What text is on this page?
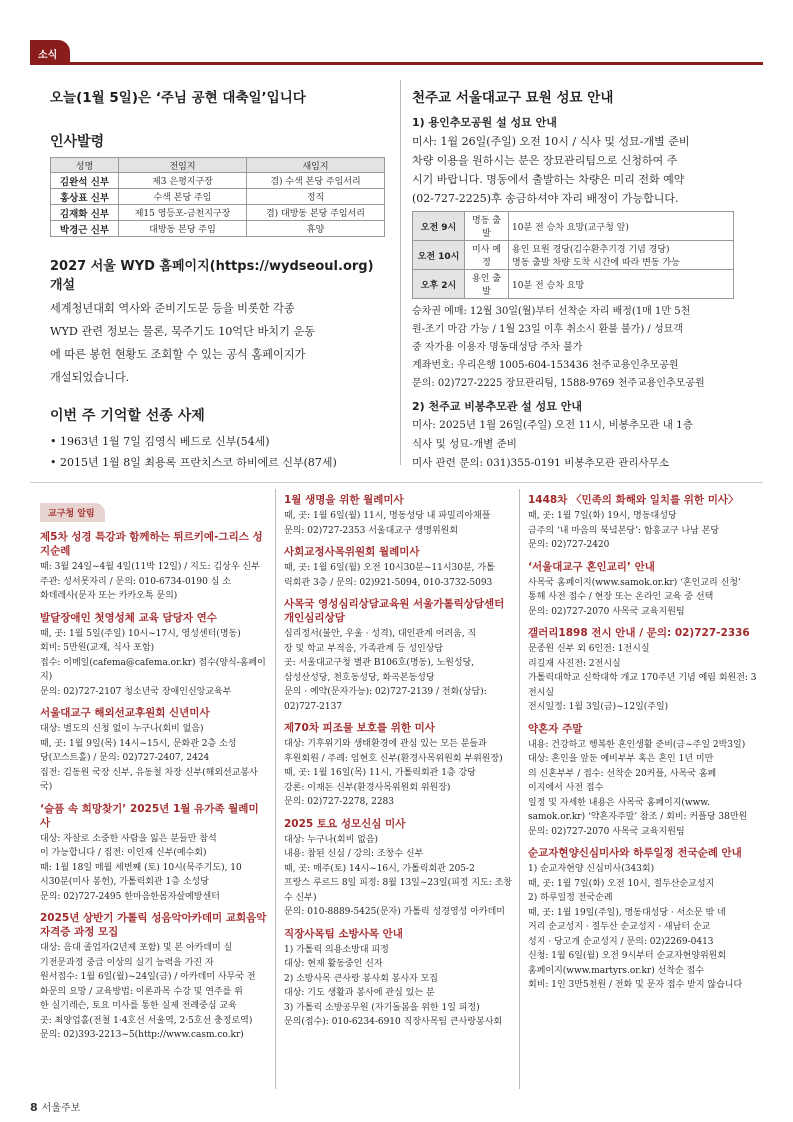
소식
오늘(1월 5일)은 ‘주님 공현 대축일’입니다
인사발령
성명	전임지	새임지
김완석 신부	제3 은평지구장	겸) 수색 본당 주임서리
홍상표 신부	수색 본당 주임	정직
김재화 신부	제15 영등포-금천지구장	겸) 대방동 본당 주임서리
박경근 신부	대방동 본당 주임	휴양
2027 서울 WYD 홈페이지(https://wydseoul.org) 개설
세계청년대회 역사와 준비기도문 등을 비롯한 각종
WYD 관련 정보는 물론, 묵주기도 10억단 바치기 운동
에 따른 봉헌 현황도 조회할 수 있는 공식 홈페이지가
개설되었습니다.
이번 주 기억할 선종 사제
• 1963년 1월 7일 김영식 베드로 신부(54세)
• 2015년 1월 8일 최용록 프란치스코 하비에르 신부(87세)
천주교 서울대교구 묘원 성묘 안내
1) 용인추모공원 설 성묘 안내
미사: 1월 26일(주일) 오전 10시 / 식사 및 성묘-개별 준비
차량 이용을 원하시는 분은 장묘관리팀으로 신청하여 주
시기 바랍니다. 명동에서 출발하는 차량은 미리 전화 예약
(02-727-2225)후 송금하셔야 자리 배정이 가능합니다.
오전 9시	명동 출발	10분 전 승차 요망(교구청 앞)
오전 10시	미사 예정	용인 묘원 경당(김수환추기경 기념 경당)
명동 출발 차량 도착 시간에 따라 변동 가능

오후 2시	용인 출발	10분 전 승차 요망
승차권 예매: 12월 30일(월)부터 선착순 자리 배정(1매 1만 5천
원-조기 마감 가능 / 1월 23일 이후 취소시 환불 불가) / 성묘객
중 자가용 이용자 명동대성당 주차 불가
계좌번호: 우리은행 1005-604-153436 천주교용인추모공원
문의: 02)727-2225 장묘관리팀, 1588-9769 천주교용인추모공원
2) 천주교 비봉추모관 설 성묘 안내
미사: 2025년 1월 26일(주일) 오전 11시, 비봉추모관 내 1층
식사 및 성묘-개별 준비
미사 관련 문의: 031)355-0191 비봉추모관 관리사무소
교구청 알림
제5차 성경 특강과 함께하는 튀르키예-그리스 성지순례
때: 3월 24일~4월 4일(11박 12일) / 지도: 김상우 신부
주관: 성서못자리 / 문의: 010-6734-0190 심 소
화데레사(문자 또는 카카오톡 문의)
발달장애인 첫영성체 교육 담당자 연수
때, 곳: 1월 5일(주일) 10시~17시, 영성센터(명동)
회비: 5만원(교재, 식사 포함)
접수: 이메일(cafema@cafema.or.kr) 접수(양식-홈페이지)
문의: 02)727-2107 청소년국 장애인신앙교육부
서울대교구 해외선교후원회 신년미사
대상: 별도의 신청 없이 누구나(회비 없음)
때, 곳: 1월 9일(목) 14시~15시, 문화관 2층 소성
당(꼬스트홀) / 문의: 02)727-2407, 2424
집전: 김동원 국장 신부, 유동철 차장 신부(해외선교봉사국)
‘슬픔 속 희망찾기’ 2025년 1월 유가족 월례미사
대상: 자살로 소중한 사람을 잃은 분들만 참석
이 가능합니다 / 집전: 이인재 신부(예수회)
때: 1월 18일 매월 세번째 (토) 10시(묵주기도), 10
시30분(미사 봉헌), 가톨릭회관 1층 소성당
문의: 02)727-2495 한마음한몸자살예방센터
2025년 상반기 가톨릭 성음악아카데미 교회음악자격증 과정 모집
대상: 음대 졸업자(2년제 포함) 및 본 아카데미 실
기전문과정 중급 이상의 실기 능력을 가진 자
원서접수: 1월 6일(월)~24일(금) / 아카데미 사무국 전
화문의 요망 / 교육방법: 이론과목 수강 및 연주를 위
한 실기레슨, 토요 미사를 통한 실제 전례중심 교육
곳: 최양업홀(전철 1·4호선 서울역, 2·5호선 충정로역)
문의: 02)393-2213~5(http://www.casm.co.kr)
1월 생명을 위한 월례미사
때, 곳: 1월 6일(월) 11시, 명동성당 내 파밀리아채플
문의: 02)727-2353 서울대교구 생명위원회
사회교정사목위원회 월례미사
때, 곳: 1월 6일(월) 오전 10시30분~11시30분, 가톨
릭회관 3층 / 문의: 02)921-5094, 010-3732-5093
사목국 영성심리상담교육원 서울가톨릭상담센터 개인심리상담
심리정서(불안, 우울 · 성격), 대인관계 어려움, 직
장 및 학교 부적응, 가족관계 등 성인상담
곳: 서울대교구청 별관 B106호(명동), 노원성당,
삼성산성당, 천호동성당, 화곡본동성당
문의 · 예약(문자가능): 02)727-2139 / 전화(상담): 02)727-2137
제70차 피조물 보호를 위한 미사
대상: 기후위기와 생태환경에 관심 있는 모든 분들과
후원회원 / 주례: 임현호 신부(환경사목위원회 부위원장)
때, 곳: 1월 16일(목) 11시, 가톨릭회관 1층 강당
강론: 이재돈 신부(환경사목위원회 위원장)
문의: 02)727-2278, 2283
2025 토요 성모신심 미사
대상: 누구나(회비 없음)
내용: 참된 신심 / 강의: 조창수 신부
때, 곳: 매주(토) 14시~16시, 가톨릭회관 205-2
프랑스 루르드 8일 피정: 8월 13일~23일(피정 지도: 조창수 신부)
문의: 010-8889-5425(문자) 가톨릭 성경영성 아카데미
직장사목팀 소방사목 안내
1) 가톨릭 의용소방대 피정
대상: 현재 활동중인 신자
2) 소방사목 큰사랑 봉사회 봉사자 모집
대상: 기도 생활과 봉사에 관심 있는 분
3) 가톨릭 소방공무원 (자기돌봄을 위한 1일 피정)
문의(접수): 010-6234-6910 직장사목팀 큰사랑봉사회
1448차 〈민족의 화해와 일치를 위한 미사〉
때, 곳: 1월 7일(화) 19시, 명동대성당
금주의 ‘내 마음의 북녘본당’: 함흥교구 나남 본당
문의: 02)727-2420
‘서울대교구 혼인교리’ 안내
사목국 홈페이지(www.samok.or.kr) ‘혼인교리 신청’
통해 사전 접수 / 현장 또는 온라인 교육 중 선택
문의: 02)727-2070 사목국 교육지원팀
갤러리1898 전시 안내 / 문의: 02)727-2336
문종원 신부 외 6인전: 1전시실
리길재 사진전: 2전시실
가톨릭대학교 신학대학 개교 170주년 기념 예림 회원전: 3전시실
전시일정: 1월 3일(금)~12일(주일)
약혼자 주말
내용: 건강하고 행복한 혼인생활 준비(금~주일 2박3일)
대상: 혼인을 앞둔 예비부부 혹은 혼인 1년 미만
의 신혼부부 / 접수: 선착순 20커플, 사목국 홈페
이지에서 사전 접수
일정 및 자세한 내용은 사목국 홈페이지(www.
samok.or.kr) ‘약혼자주말’ 참조 / 회비: 커플당 38만원
문의: 02)727-2070 사목국 교육지원팀
순교자현양신심미사와 하루일정 전국순례 안내
1) 순교자현양 신심미사(343회)
때, 곳: 1월 7일(화) 오전 10시, 절두산순교성지
2) 하루일정 전국순례
때, 곳: 1월 19일(주일), 명동대성당 · 서소문 밖 네
거리 순교성지 · 절두산 순교성지 · 새남터 순교
성지 · 당고개 순교성지 / 문의: 02)2269-0413
신청: 1월 6일(월) 오전 9시부터 순교자현양위원회
홈페이지(www.martyrs.or.kr) 선착순 접수
회비: 1인 3만5천원 / 전화 및 문자 접수 받지 않습니다
8 서울주보
